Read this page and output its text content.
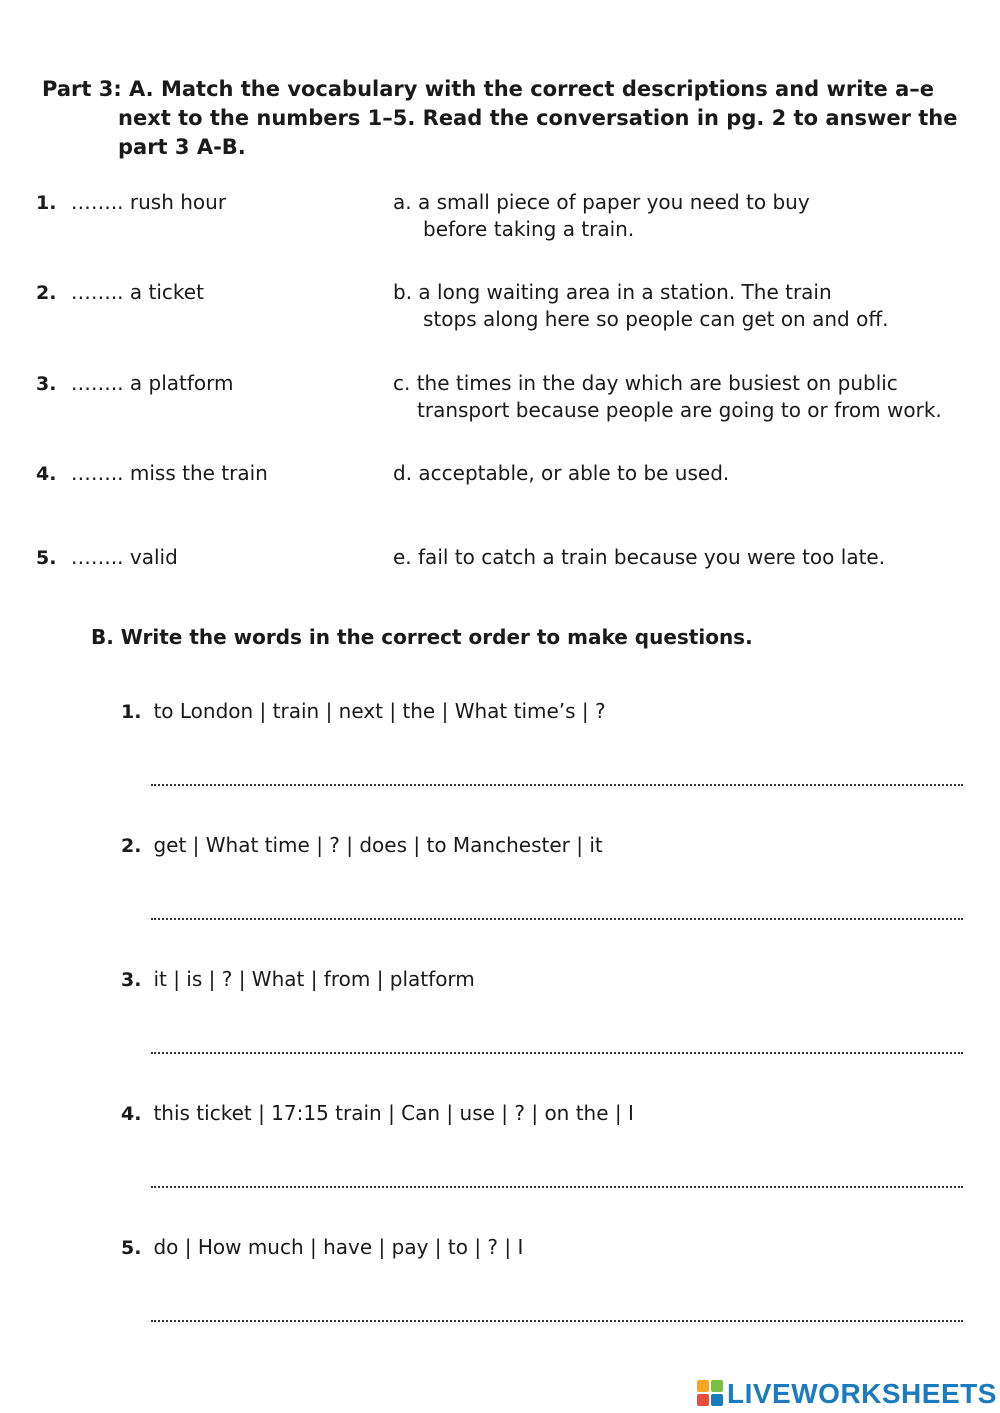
Part 3: A. Match the vocabulary with the correct descriptions and write a–e
next to the numbers 1–5. Read the conversation in pg. 2 to answer the
part 3 A-B.
1. …….. rush hour	a. a small piece of paper you need to buy
before taking a train.
2. …….. a ticket	b. a long waiting area in a station. The train
stops along here so people can get on and off.
3. …….. a platform	c. the times in the day which are busiest on public
transport because people are going to or from work.
4. …….. miss the train	d. acceptable, or able to be used.
5. …….. valid	e. fail to catch a train because you were too late.
B. Write the words in the correct order to make questions.
1. to London | train | next | the | What time’s | ?
2. get | What time | ? | does | to Manchester | it
3. it | is | ? | What | from | platform
4. this ticket | 17:15 train | Can | use | ? | on the | I
5. do | How much | have | pay | to | ? | I
LIVEWORKSHEETS
